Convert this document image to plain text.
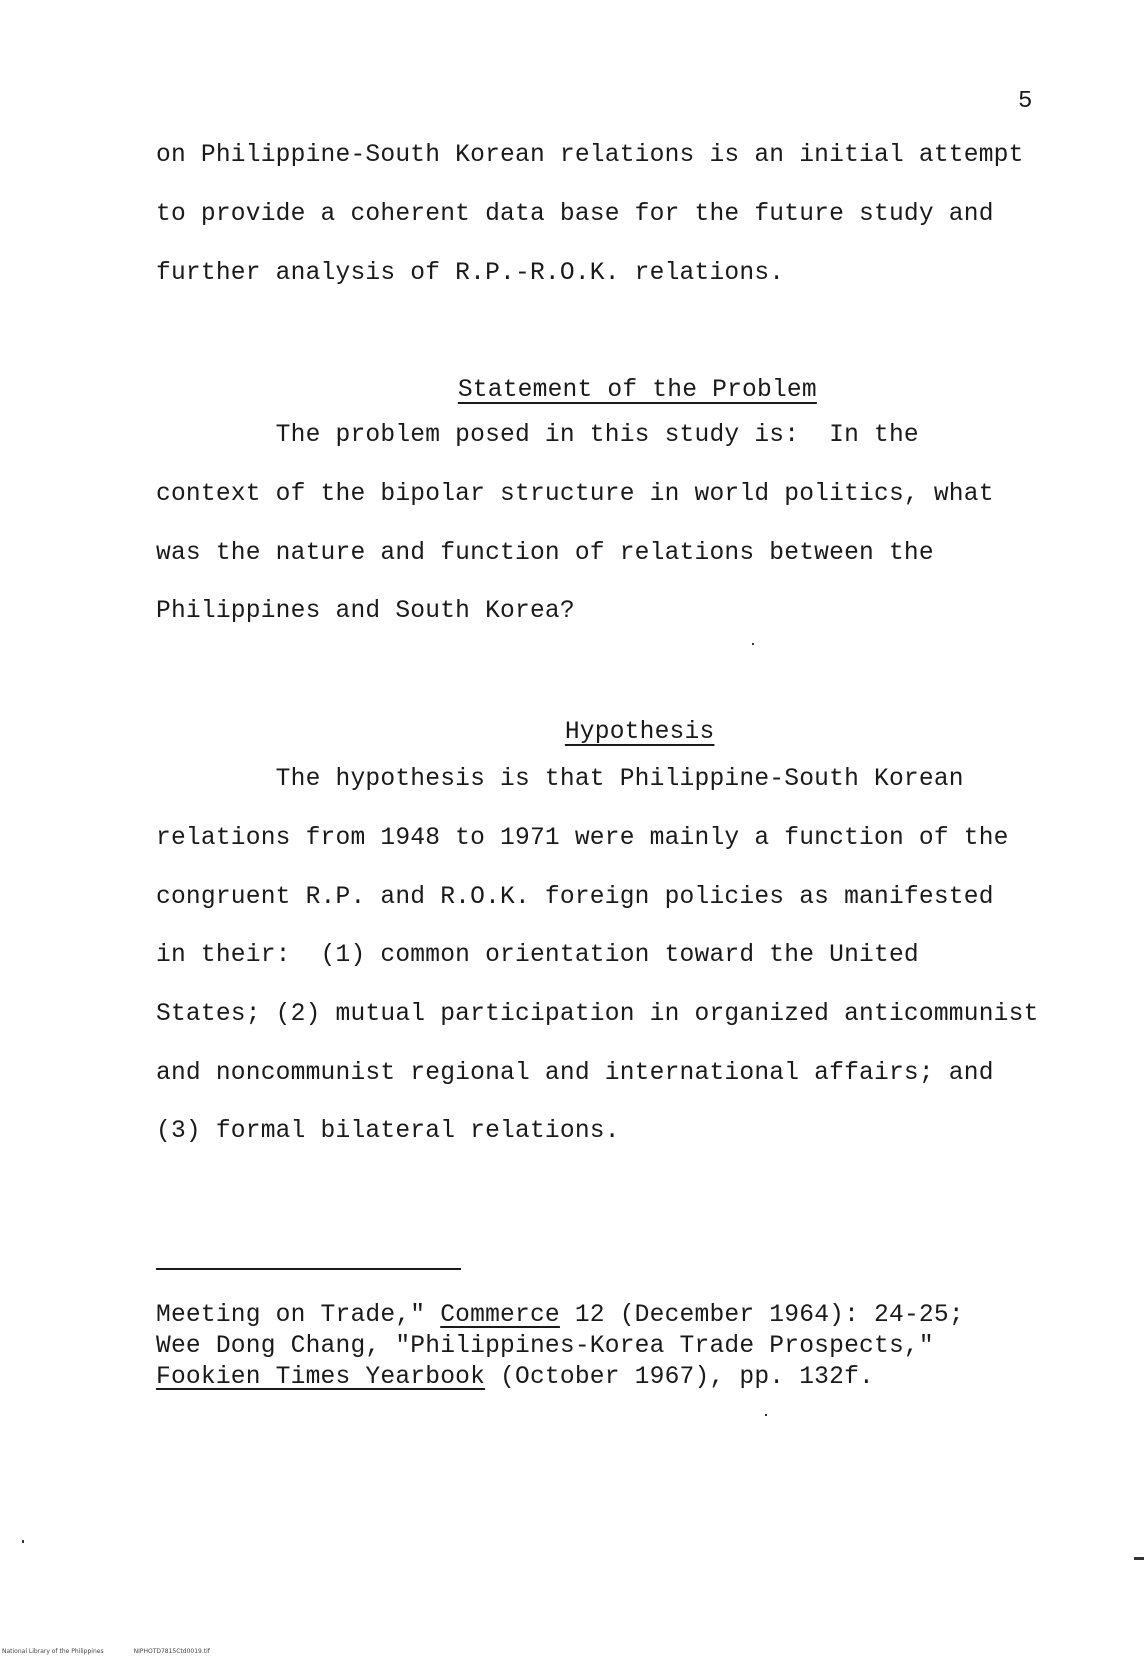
5
on Philippine-South Korean relations is an initial attempt
to provide a coherent data base for the future study and
further analysis of R.P.-R.O.K. relations.

Statement of the Problem

The problem posed in this study is:  In the
context of the bipolar structure in world politics, what
was the nature and function of relations between the
Philippines and South Korea?

Hypothesis

The hypothesis is that Philippine-South Korean
relations from 1948 to 1971 were mainly a function of the
congruent R.P. and R.O.K. foreign policies as manifested
in their:  (1) common orientation toward the United
States; (2) mutual participation in organized anticommunist
and noncommunist regional and international affairs; and
(3) formal bilateral relations.
Meeting on Trade," Commerce 12 (December 1964): 24-25;
Wee Dong Chang, "Philippines-Korea Trade Prospects,"
Fookien Times Yearbook (October 1967), pp. 132f.
National Library of the Philippines	NIPHOTD7815Ctd0019.tif
